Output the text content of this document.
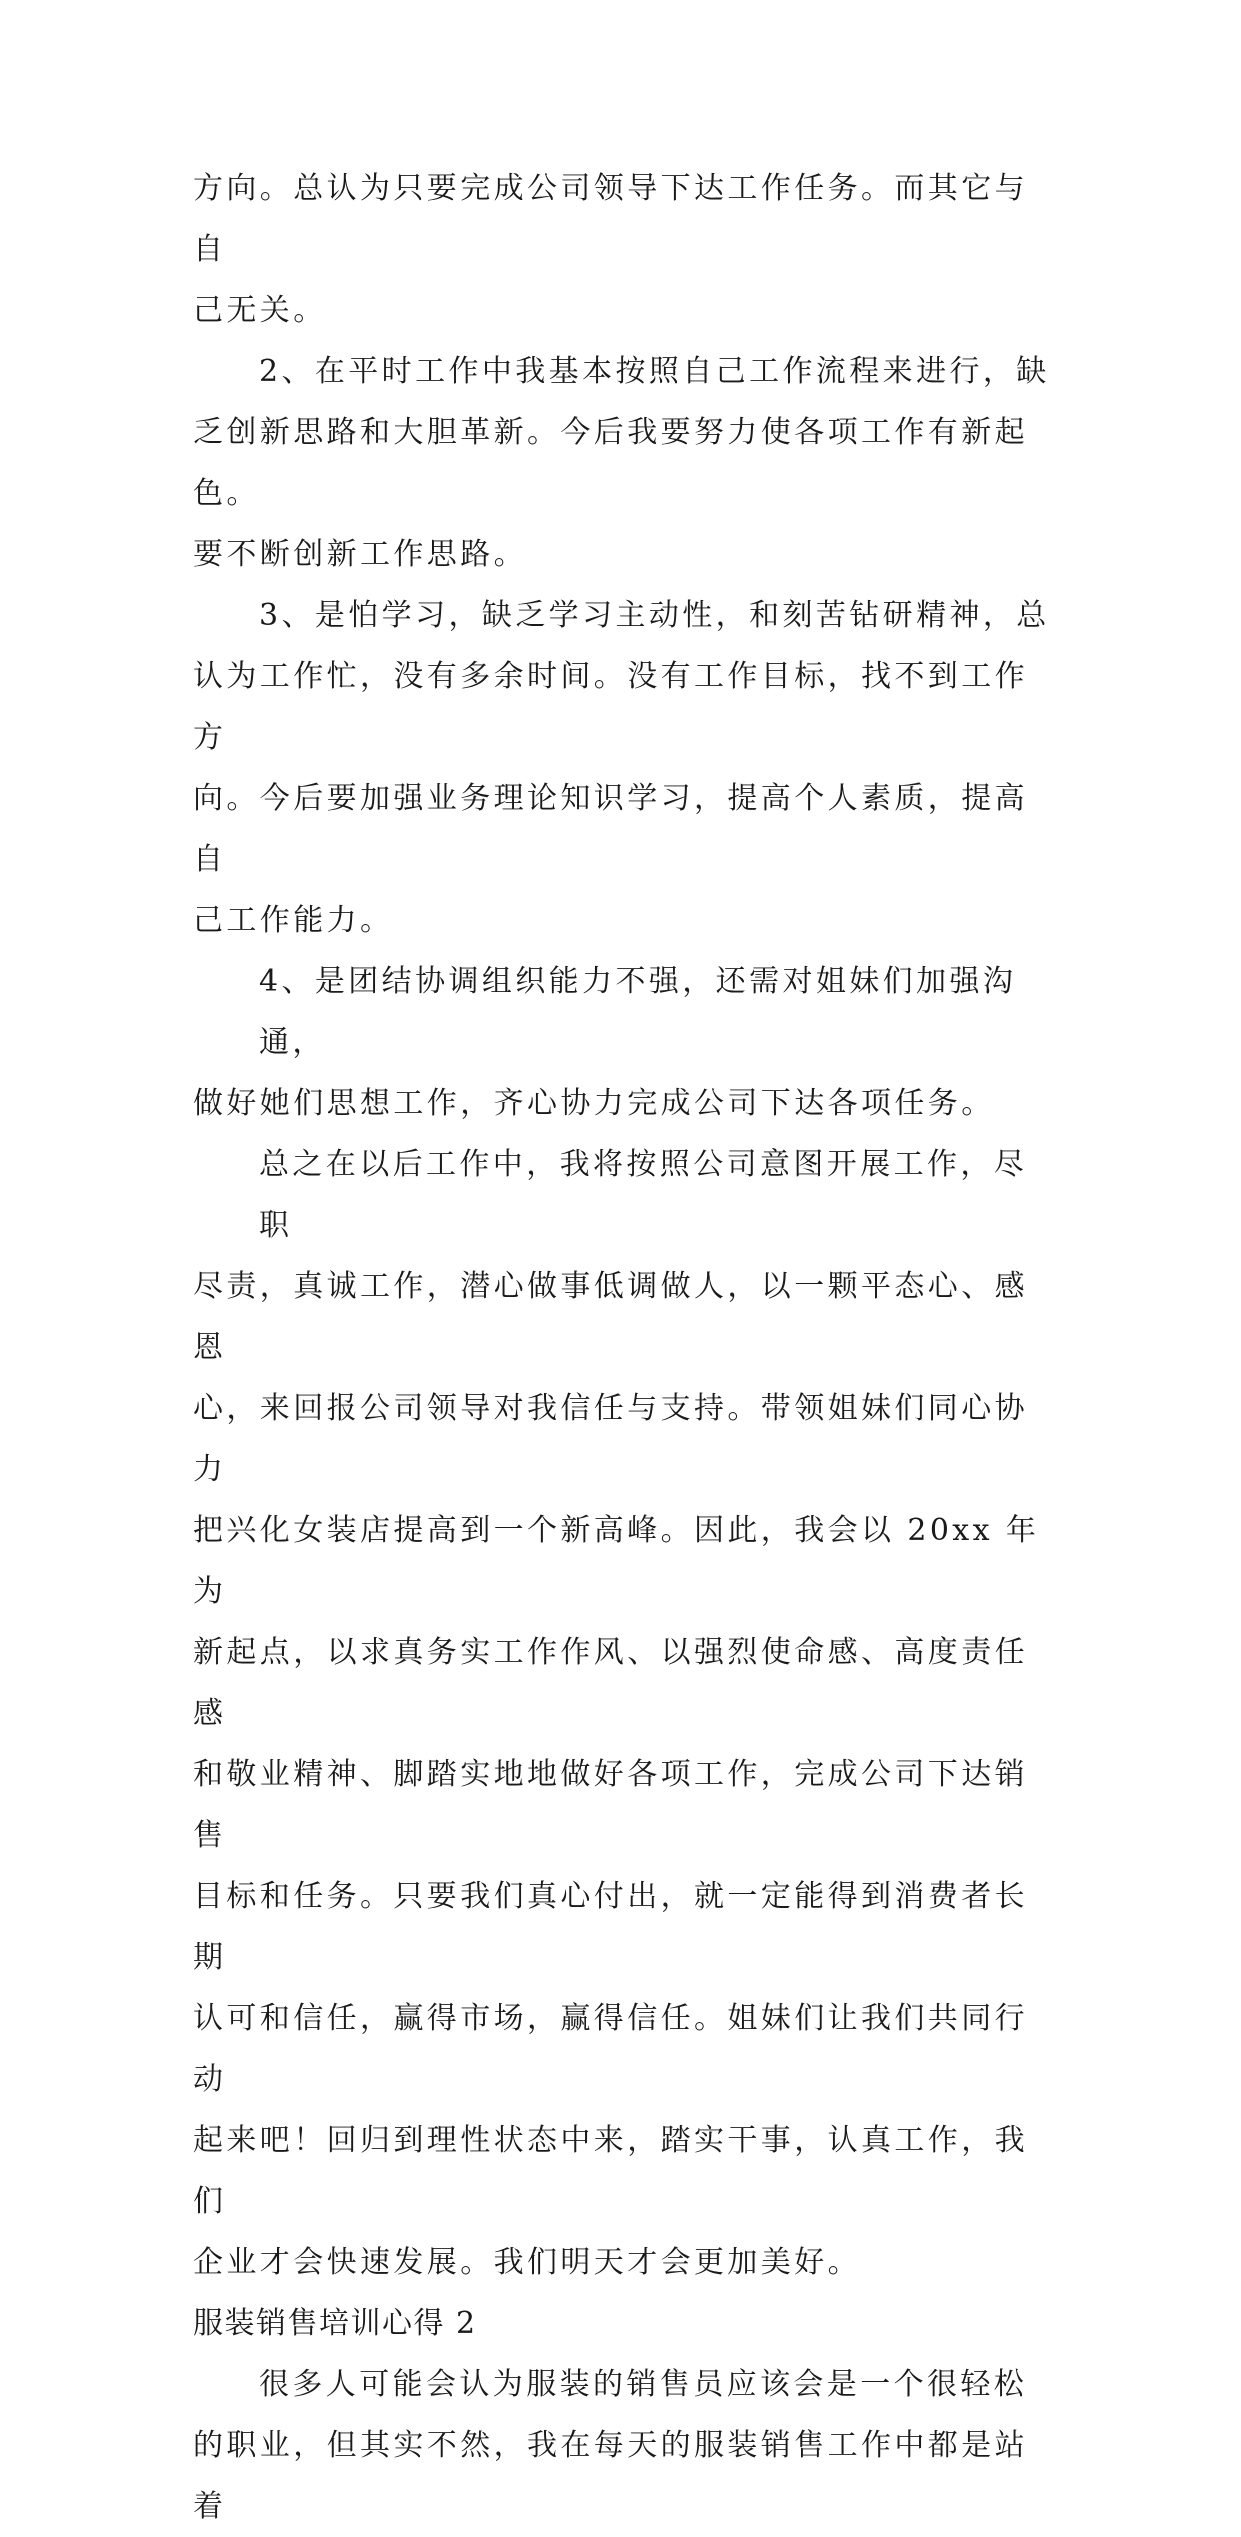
方向。总认为只要完成公司领导下达工作任务。而其它与自
己无关。
2、在平时工作中我基本按照自己工作流程来进行，缺
乏创新思路和大胆革新。今后我要努力使各项工作有新起色。
要不断创新工作思路。
3、是怕学习，缺乏学习主动性，和刻苦钻研精神，总
认为工作忙，没有多余时间。没有工作目标，找不到工作方
向。今后要加强业务理论知识学习，提高个人素质，提高自
己工作能力。
4、是团结协调组织能力不强，还需对姐妹们加强沟通，
做好她们思想工作，齐心协力完成公司下达各项任务。
总之在以后工作中，我将按照公司意图开展工作，尽职
尽责，真诚工作，潜心做事低调做人，以一颗平态心、感恩
心，来回报公司领导对我信任与支持。带领姐妹们同心协力
把兴化女装店提高到一个新高峰。因此，我会以 20xx 年为
新起点，以求真务实工作作风、以强烈使命感、高度责任感
和敬业精神、脚踏实地地做好各项工作，完成公司下达销售
目标和任务。只要我们真心付出，就一定能得到消费者长期
认可和信任，赢得市场，赢得信任。姐妹们让我们共同行动
起来吧！回归到理性状态中来，踏实干事，认真工作，我们
企业才会快速发展。我们明天才会更加美好。
服装销售培训心得 2
很多人可能会认为服装的销售员应该会是一个很轻松
的职业，但其实不然，我在每天的服装销售工作中都是站着
